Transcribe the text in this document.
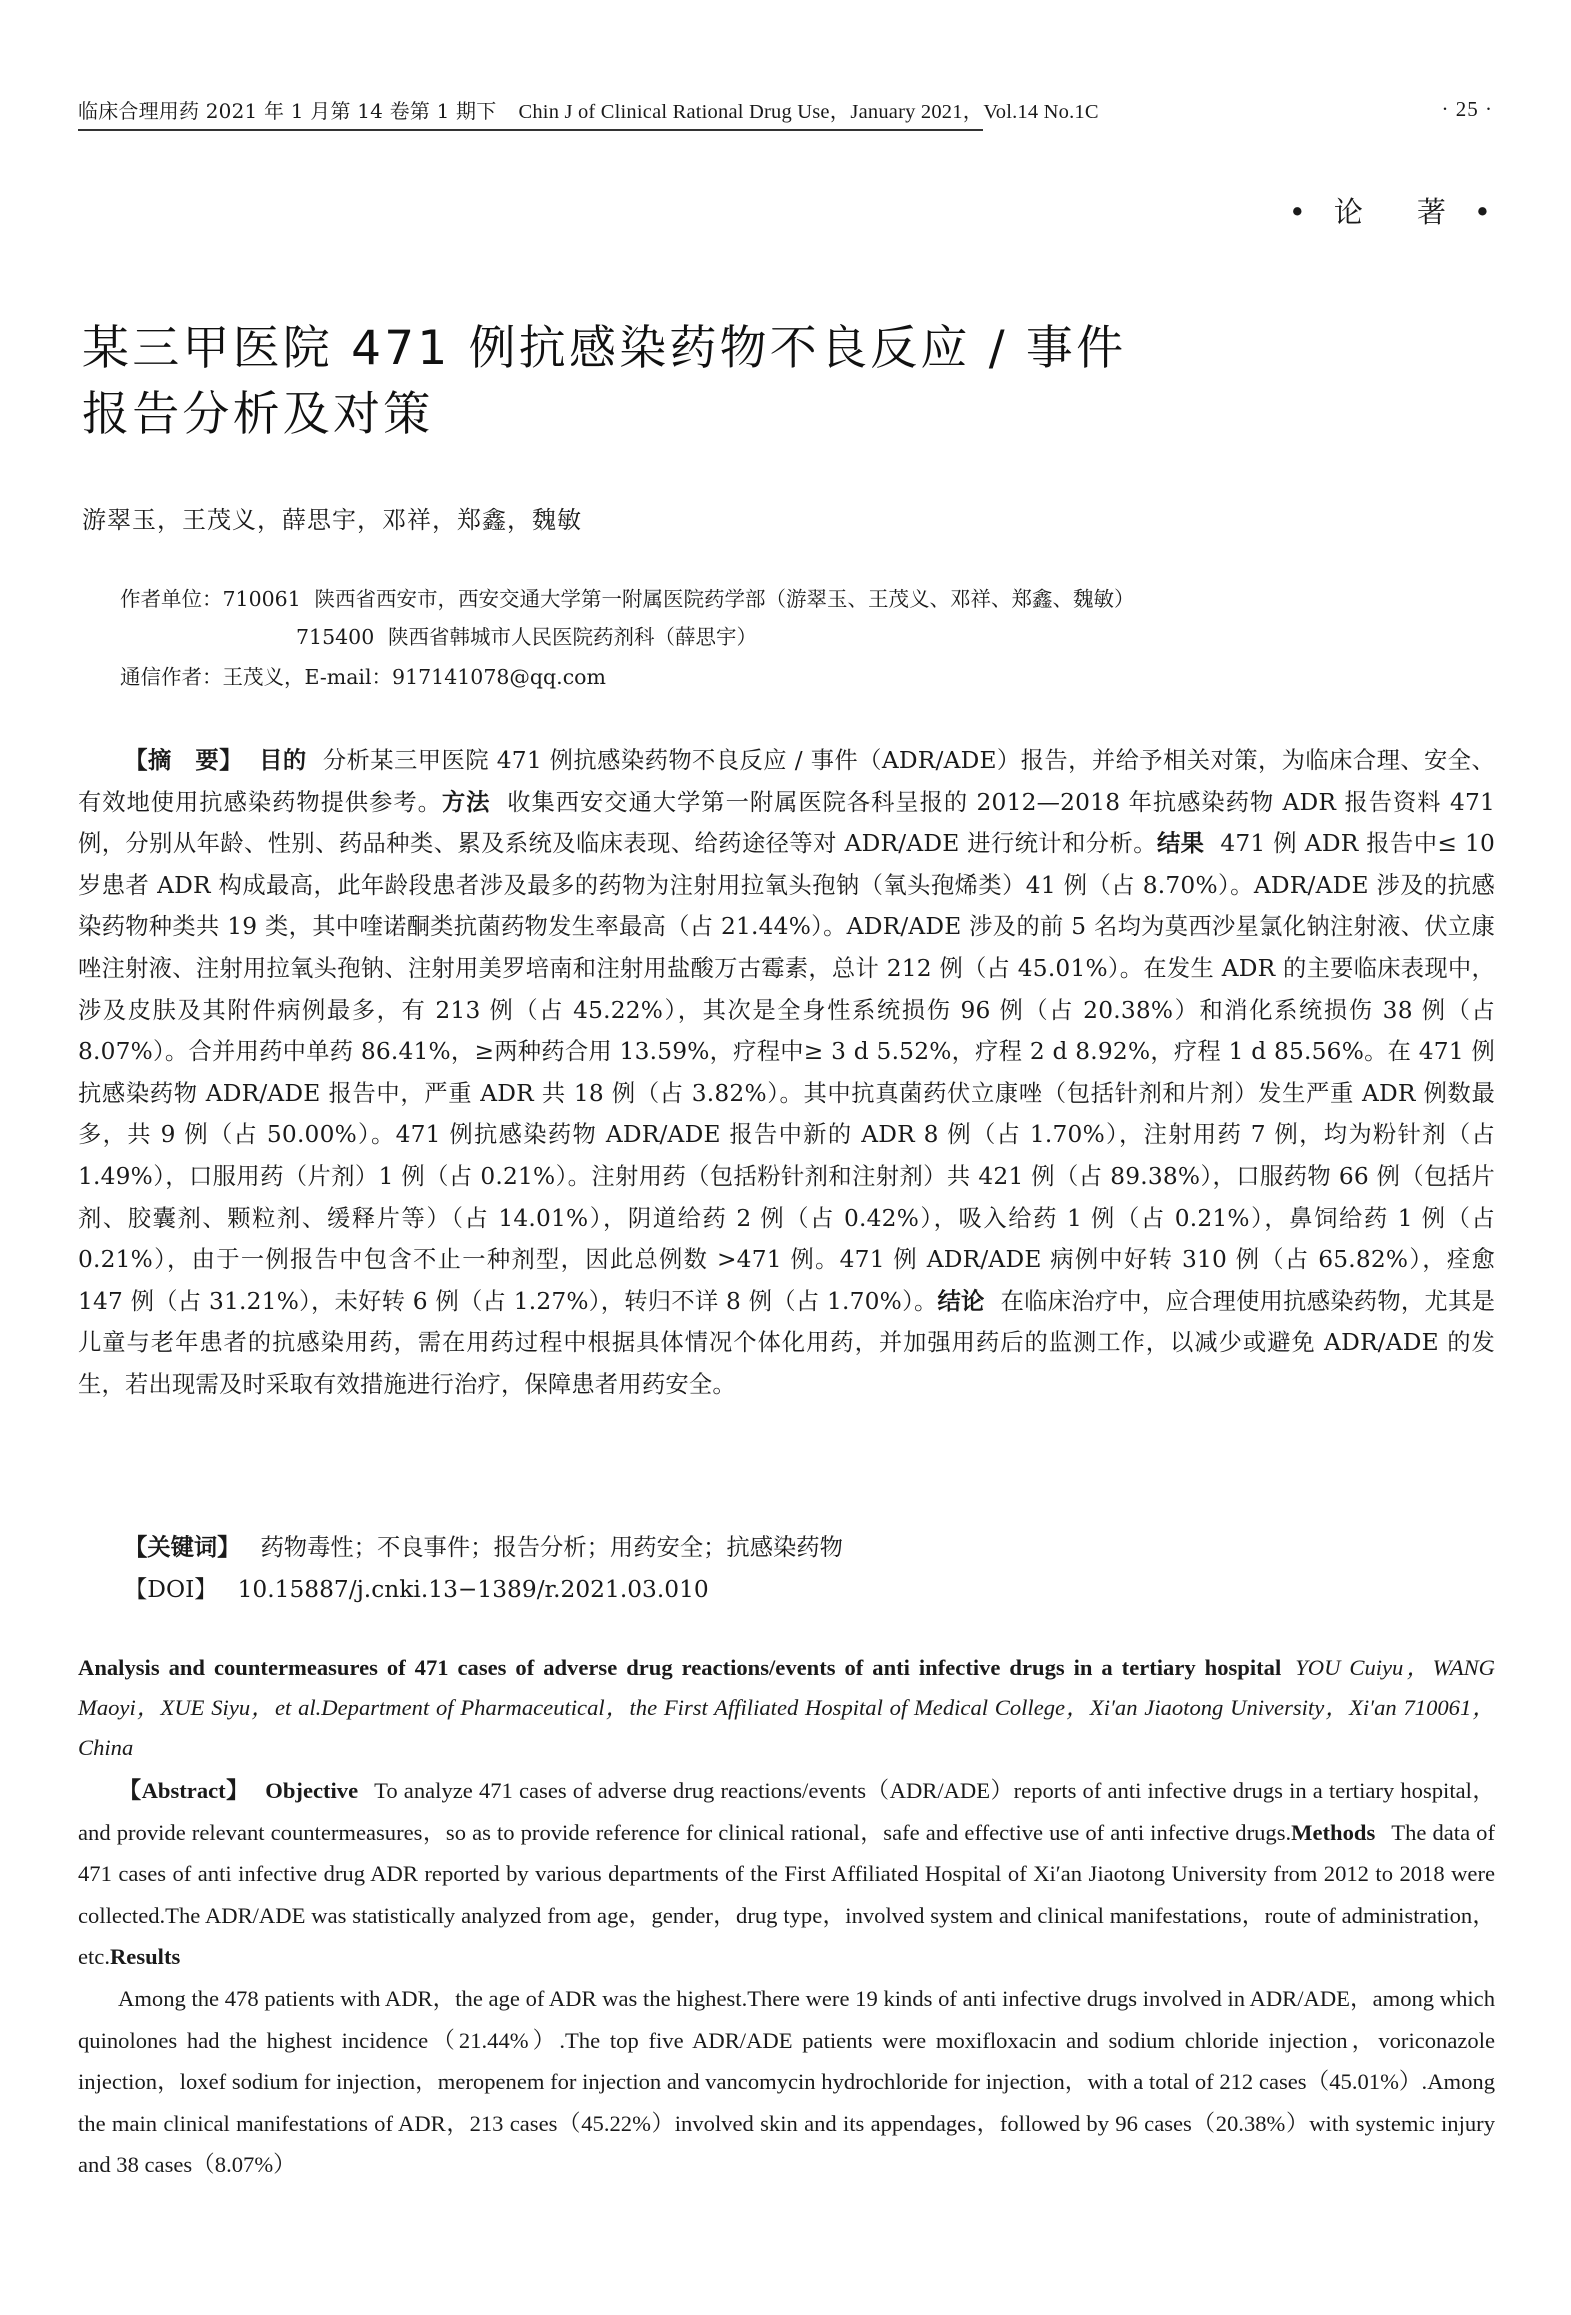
临床合理用药 2021 年 1 月第 14 卷第 1 期下 Chin J of Clinical Rational Drug Use，January 2021，Vol.14 No.1C	· 25 ·
• 论 著 •
某三甲医院 471 例抗感染药物不良反应 / 事件
报告分析及对策
游翠玉，王茂义，薛思宇，邓祥，郑鑫，魏敏
作者单位：710061 陕西省西安市，西安交通大学第一附属医院药学部（游翠玉、王茂义、邓祥、郑鑫、魏敏）
715400 陕西省韩城市人民医院药剂科（薛思宇）
通信作者：王茂义，E-mail：917141078@qq.com
【摘　要】 目的 分析某三甲医院 471 例抗感染药物不良反应 / 事件（ADR/ADE）报告，并给予相关对策，为临床合理、安全、有效地使用抗感染药物提供参考。方法 收集西安交通大学第一附属医院各科呈报的 2012—2018 年抗感染药物 ADR 报告资料 471 例，分别从年龄、性别、药品种类、累及系统及临床表现、给药途径等对 ADR/ADE 进行统计和分析。结果 471 例 ADR 报告中≤ 10 岁患者 ADR 构成最高，此年龄段患者涉及最多的药物为注射用拉氧头孢钠（氧头孢烯类）41 例（占 8.70%）。ADR/ADE 涉及的抗感染药物种类共 19 类，其中喹诺酮类抗菌药物发生率最高（占 21.44%）。ADR/ADE 涉及的前 5 名均为莫西沙星氯化钠注射液、伏立康唑注射液、注射用拉氧头孢钠、注射用美罗培南和注射用盐酸万古霉素，总计 212 例（占 45.01%）。在发生 ADR 的主要临床表现中，涉及皮肤及其附件病例最多，有 213 例（占 45.22%），其次是全身性系统损伤 96 例（占 20.38%）和消化系统损伤 38 例（占 8.07%）。合并用药中单药 86.41%，≥两种药合用 13.59%，疗程中≥ 3 d 5.52%，疗程 2 d 8.92%，疗程 1 d 85.56%。在 471 例抗感染药物 ADR/ADE 报告中，严重 ADR 共 18 例（占 3.82%）。其中抗真菌药伏立康唑（包括针剂和片剂）发生严重 ADR 例数最多，共 9 例（占 50.00%）。471 例抗感染药物 ADR/ADE 报告中新的 ADR 8 例（占 1.70%），注射用药 7 例，均为粉针剂（占 1.49%），口服用药（片剂）1 例（占 0.21%）。注射用药（包括粉针剂和注射剂）共 421 例（占 89.38%），口服药物 66 例（包括片剂、胶囊剂、颗粒剂、缓释片等）（占 14.01%），阴道给药 2 例（占 0.42%），吸入给药 1 例（占 0.21%），鼻饲给药 1 例（占 0.21%），由于一例报告中包含不止一种剂型，因此总例数 >471 例。471 例 ADR/ADE 病例中好转 310 例（占 65.82%），痊愈 147 例（占 31.21%），未好转 6 例（占 1.27%），转归不详 8 例（占 1.70%）。结论 在临床治疗中，应合理使用抗感染药物，尤其是儿童与老年患者的抗感染用药，需在用药过程中根据具体情况个体化用药，并加强用药后的监测工作，以减少或避免 ADR/ADE 的发生，若出现需及时采取有效措施进行治疗，保障患者用药安全。
【关键词】 药物毒性；不良事件；报告分析；用药安全；抗感染药物
【DOI】 10.15887/j.cnki.13−1389/r.2021.03.010
Analysis and countermeasures of 471 cases of adverse drug reactions/events of anti infective drugs in a tertiary hospital YOU Cuiyu，WANG Maoyi，XUE Siyu，et al.Department of Pharmaceutical，the First Affiliated Hospital of Medical College，Xi′an Jiaotong University，Xi′an 710061，China
【Abstract】 Objective To analyze 471 cases of adverse drug reactions/events（ADR/ADE）reports of anti infective drugs in a tertiary hospital，and provide relevant countermeasures，so as to provide reference for clinical rational，safe and effective use of anti infective drugs.Methods The data of 471 cases of anti infective drug ADR reported by various departments of the First Affiliated Hospital of Xi′an Jiaotong University from 2012 to 2018 were collected.The ADR/ADE was statistically analyzed from age，gender，drug type，involved system and clinical manifestations，route of administration，etc.Results
Among the 478 patients with ADR，the age of ADR was the highest.There were 19 kinds of anti infective drugs involved in ADR/ADE，among which quinolones had the highest incidence（21.44%）.The top five ADR/ADE patients were moxifloxacin and sodium chloride injection，voriconazole injection，loxef sodium for injection，meropenem for injection and vancomycin hydrochloride for injection，with a total of 212 cases（45.01%）.Among the main clinical manifestations of ADR，213 cases（45.22%）involved skin and its appendages，followed by 96 cases（20.38%）with systemic injury and 38 cases（8.07%）
